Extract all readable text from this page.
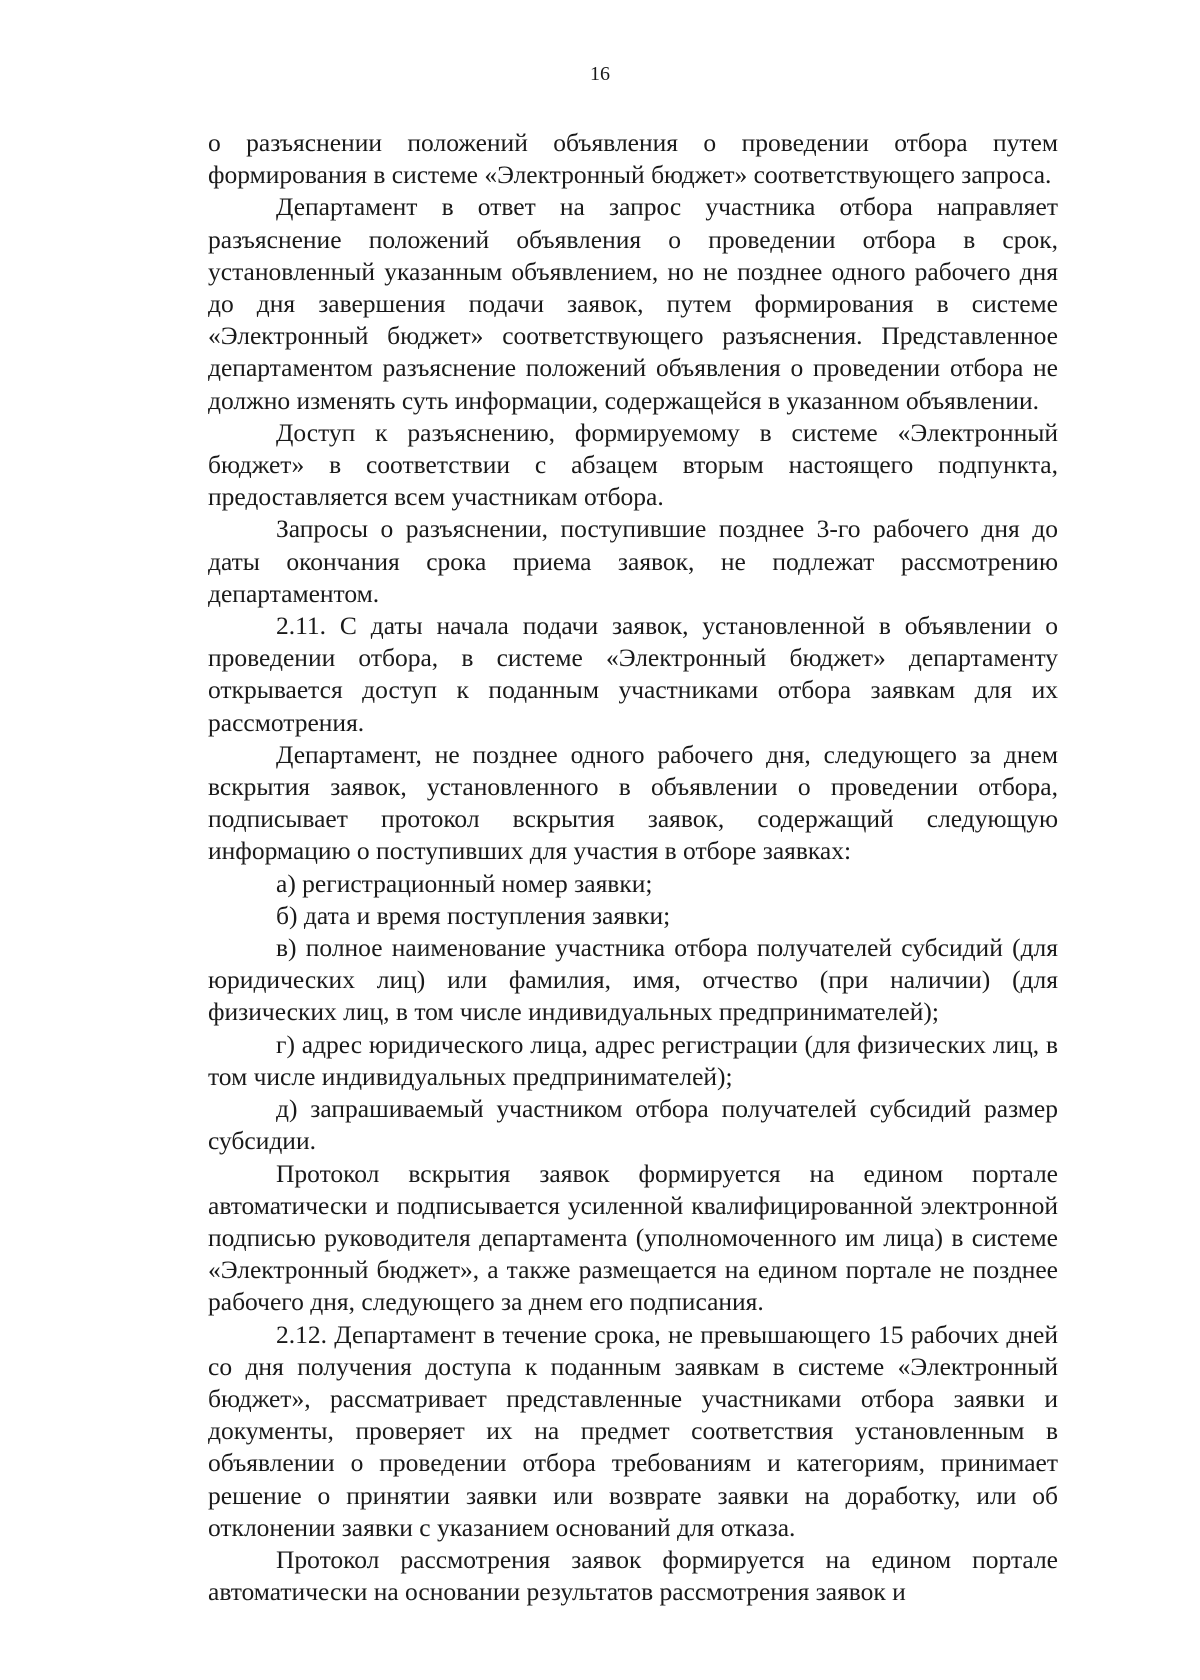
16

о разъяснении положений объявления о проведении отбора путем формирования в системе «Электронный бюджет» соответствующего запроса.

Департамент в ответ на запрос участника отбора направляет разъяснение положений объявления о проведении отбора в срок, установленный указанным объявлением, но не позднее одного рабочего дня до дня завершения подачи заявок, путем формирования в системе «Электронный бюджет» соответствующего разъяснения. Представленное департаментом разъяснение положений объявления о проведении отбора не должно изменять суть информации, содержащейся в указанном объявлении.

Доступ к разъяснению, формируемому в системе «Электронный бюджет» в соответствии с абзацем вторым настоящего подпункта, предоставляется всем участникам отбора.

Запросы о разъяснении, поступившие позднее 3-го рабочего дня до даты окончания срока приема заявок, не подлежат рассмотрению департаментом.

2.11. С даты начала подачи заявок, установленной в объявлении о проведении отбора, в системе «Электронный бюджет» департаменту открывается доступ к поданным участниками отбора заявкам для их рассмотрения.

Департамент, не позднее одного рабочего дня, следующего за днем вскрытия заявок, установленного в объявлении о проведении отбора, подписывает протокол вскрытия заявок, содержащий следующую информацию о поступивших для участия в отборе заявках:

а) регистрационный номер заявки;

б) дата и время поступления заявки;

в) полное наименование участника отбора получателей субсидий (для юридических лиц) или фамилия, имя, отчество (при наличии) (для физических лиц, в том числе индивидуальных предпринимателей);

г) адрес юридического лица, адрес регистрации (для физических лиц, в том числе индивидуальных предпринимателей);

д) запрашиваемый участником отбора получателей субсидий размер субсидии.

Протокол вскрытия заявок формируется на едином портале автоматически и подписывается усиленной квалифицированной электронной подписью руководителя департамента (уполномоченного им лица) в системе «Электронный бюджет», а также размещается на едином портале не позднее рабочего дня, следующего за днем его подписания.

2.12. Департамент в течение срока, не превышающего 15 рабочих дней со дня получения доступа к поданным заявкам в системе «Электронный бюджет», рассматривает представленные участниками отбора заявки и документы, проверяет их на предмет соответствия установленным в объявлении о проведении отбора требованиям и категориям, принимает решение о принятии заявки или возврате заявки на доработку, или об отклонении заявки с указанием оснований для отказа.

Протокол рассмотрения заявок формируется на едином портале автоматически на основании результатов рассмотрения заявок и
